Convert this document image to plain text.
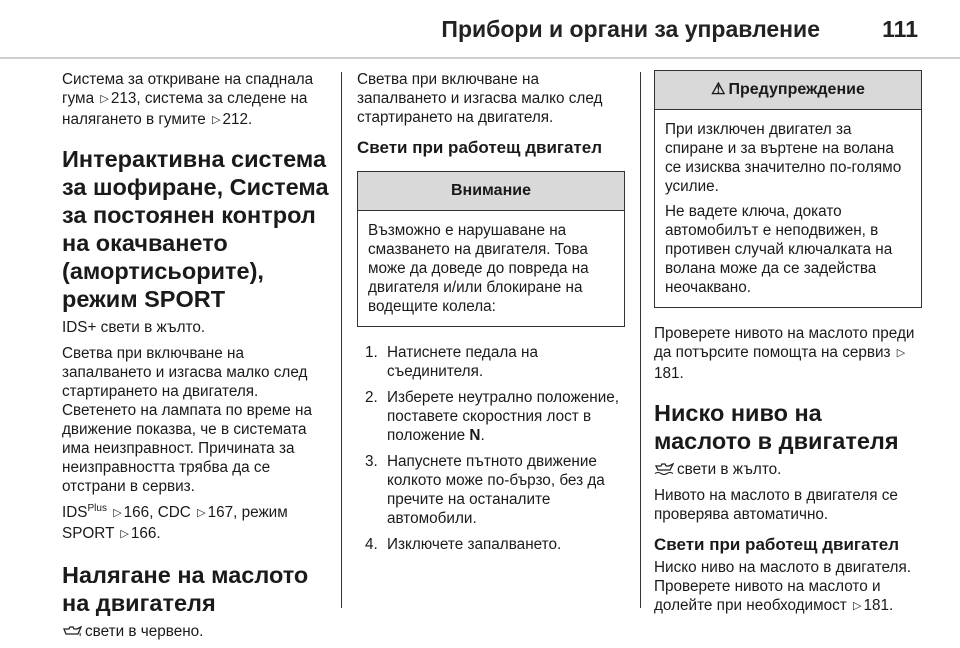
Прибори и органи за управление	111

Система за откриване на спаднала гума ▷ 213, система за следене на налягането в гумите ▷ 212.

Интерактивна система за шофиране, Система за постоянен контрол на окачването (амортисьорите), режим SPORT

IDS+ свети в жълто.

Светва при включване на запалването и изгасва малко след стартирането на двигателя.

Светенето на лампата по време на движение показва, че в системата има неизправност. Причината за неизправността трябва да се отстрани в сервиз.

$IDS^{Plus}$ ▷ 166, CDC ▷ 167, режим SPORT ▷ 166.

Налягане на маслото на двигателя

свети в червено.

Светва при включване на запалването и изгасва малко след стартирането на двигателя.

Свети при работещ двигател
Внимание

Възможно е нарушаване на смазването на двигателя. Това може да доведе до повреда на двигателя и/или блокиране на водещите колела:

1. Натиснете педала на съединителя.
2. Изберете неутрално положение, поставете скоростния лост в положение N.
3. Напуснете пътното движение колкото може по-бързо, без да пречите на останалите автомобили.
4. Изключете запалването.
⚠ Предупреждение

При изключен двигател за спиране и за въртене на волана се изисква значително по-голямо усилие.

Не вадете ключа, докато автомобилът е неподвижен, в противен случай ключалката на волана може да се задейства неочаквано.

Проверете нивото на маслото преди да потърсите помощта на сервиз ▷181.

Ниско ниво на маслото в двигателя

свети в жълто.

Нивото на маслото в двигателя се проверява автоматично.

Свети при работещ двигател

Ниско ниво на маслото в двигателя. Проверете нивото на маслото и долейте при необходимост ▷ 181.
